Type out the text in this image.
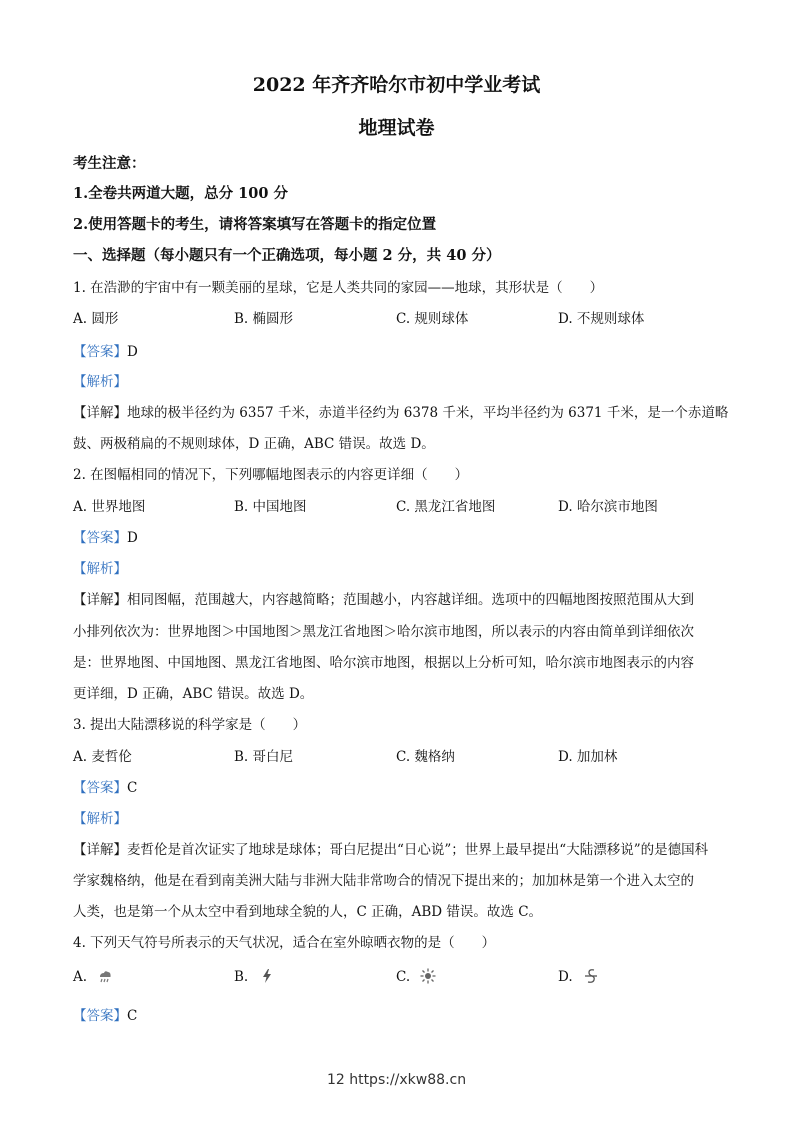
2022 年齐齐哈尔市初中学业考试
地理试卷
考生注意：
1.全卷共两道大题，总分 100 分
2.使用答题卡的考生，请将答案填写在答题卡的指定位置
一、选择题（每小题只有一个正确选项，每小题 2 分，共 40 分）
1. 在浩渺的宇宙中有一颗美丽的星球，它是人类共同的家园——地球，其形状是（　　）
A. 圆形	B. 椭圆形	C. 规则球体	D. 不规则球体
【答案】D
【解析】
【详解】地球的极半径约为 6357 千米，赤道半径约为 6378 千米，平均半径约为 6371 千米，是一个赤道略
鼓、两极稍扁的不规则球体，D 正确，ABC 错误。故选 D。
2. 在图幅相同的情况下，下列哪幅地图表示的内容更详细（　　）
A. 世界地图	B. 中国地图	C. 黑龙江省地图	D. 哈尔滨市地图
【答案】D
【解析】
【详解】相同图幅，范围越大，内容越简略；范围越小，内容越详细。选项中的四幅地图按照范围从大到
小排列依次为：世界地图＞中国地图＞黑龙江省地图＞哈尔滨市地图，所以表示的内容由简单到详细依次
是：世界地图、中国地图、黑龙江省地图、哈尔滨市地图，根据以上分析可知，哈尔滨市地图表示的内容
更详细，D 正确，ABC 错误。故选 D。
3. 提出大陆漂移说的科学家是（　　）
A. 麦哲伦	B. 哥白尼	C. 魏格纳	D. 加加林
【答案】C
【解析】
【详解】麦哲伦是首次证实了地球是球体；哥白尼提出“日心说”；世界上最早提出“大陆漂移说”的是德国科
学家魏格纳，他是在看到南美洲大陆与非洲大陆非常吻合的情况下提出来的；加加林是第一个进入太空的
人类，也是第一个从太空中看到地球全貌的人，C 正确，ABD 错误。故选 C。
4. 下列天气符号所表示的天气状况，适合在室外晾晒衣物的是（　　）
A.	B.	C.	D.
【答案】C
12 https://xkw88.cn
